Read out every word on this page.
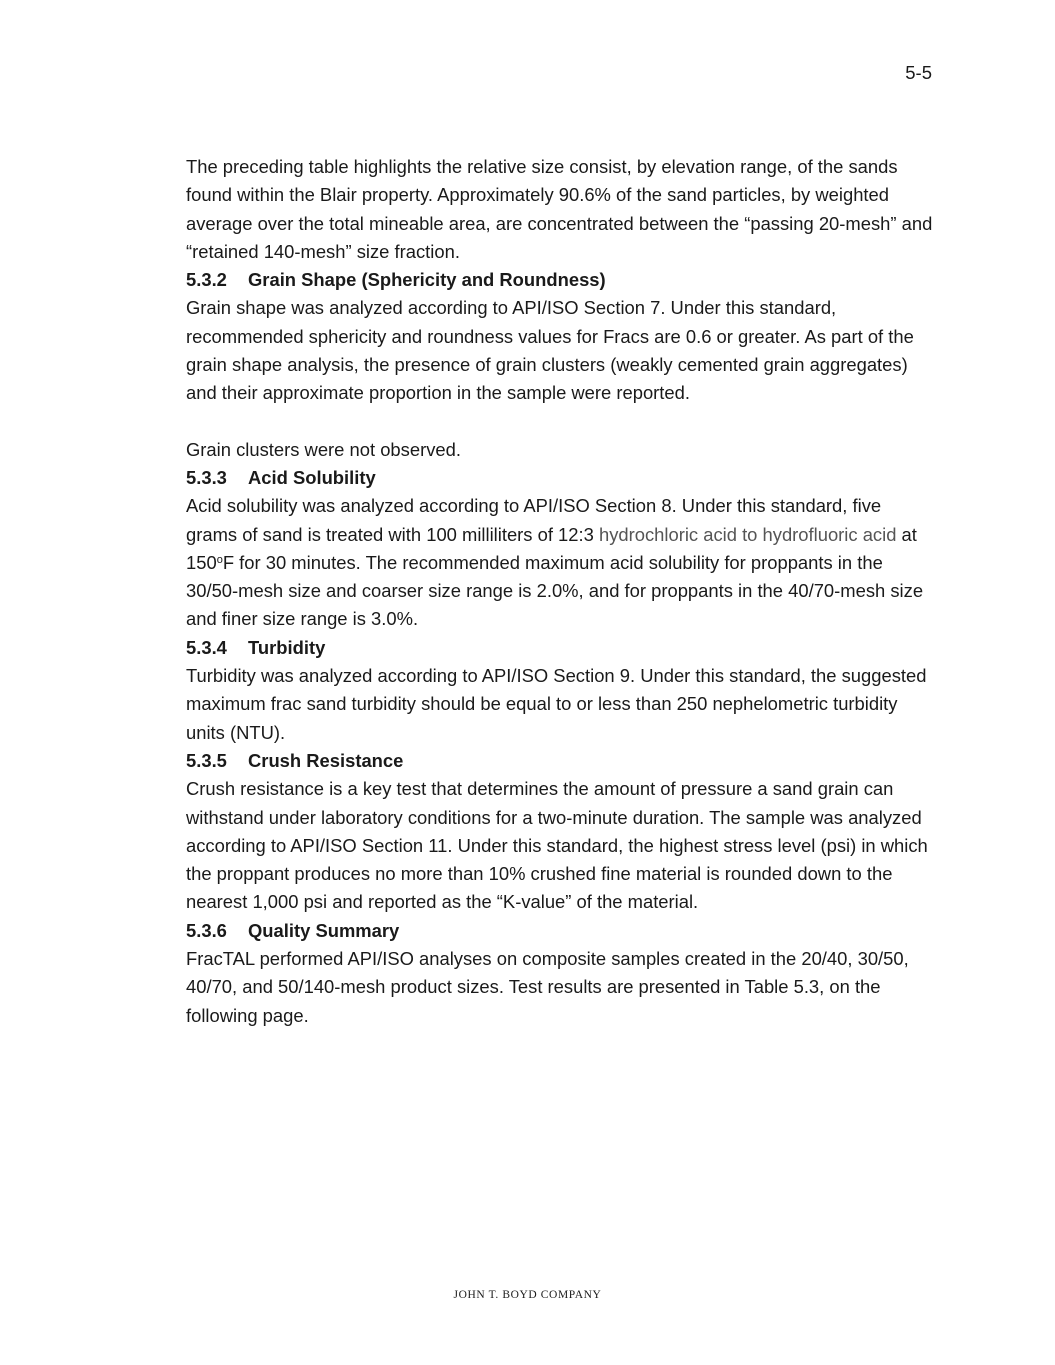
5-5

The preceding table highlights the relative size consist, by elevation range, of the sands found within the Blair property. Approximately 90.6% of the sand particles, by weighted average over the total mineable area, are concentrated between the “passing 20-mesh” and “retained 140-mesh” size fraction.

5.3.2 Grain Shape (Sphericity and Roundness)

Grain shape was analyzed according to API/ISO Section 7. Under this standard, recommended sphericity and roundness values for Fracs are 0.6 or greater. As part of the grain shape analysis, the presence of grain clusters (weakly cemented grain aggregates) and their approximate proportion in the sample were reported.

Grain clusters were not observed.

5.3.3 Acid Solubility

Acid solubility was analyzed according to API/ISO Section 8. Under this standard, five grams of sand is treated with 100 milliliters of 12:3 hydrochloric acid to hydrofluoric acid at 150$^o$F for 30 minutes. The recommended maximum acid solubility for proppants in the 30/50-mesh size and coarser size range is 2.0%, and for proppants in the 40/70-mesh size and finer size range is 3.0%.

5.3.4 Turbidity

Turbidity was analyzed according to API/ISO Section 9. Under this standard, the suggested maximum frac sand turbidity should be equal to or less than 250 nephelometric turbidity units (NTU).

5.3.5 Crush Resistance

Crush resistance is a key test that determines the amount of pressure a sand grain can withstand under laboratory conditions for a two-minute duration. The sample was analyzed according to API/ISO Section 11. Under this standard, the highest stress level (psi) in which the proppant produces no more than 10% crushed fine material is rounded down to the nearest 1,000 psi and reported as the “K-value” of the material.

5.3.6 Quality Summary

FracTAL performed API/ISO analyses on composite samples created in the 20/40, 30/50, 40/70, and 50/140-mesh product sizes. Test results are presented in Table 5.3, on the following page.

JOHN T. BOYD COMPANY
